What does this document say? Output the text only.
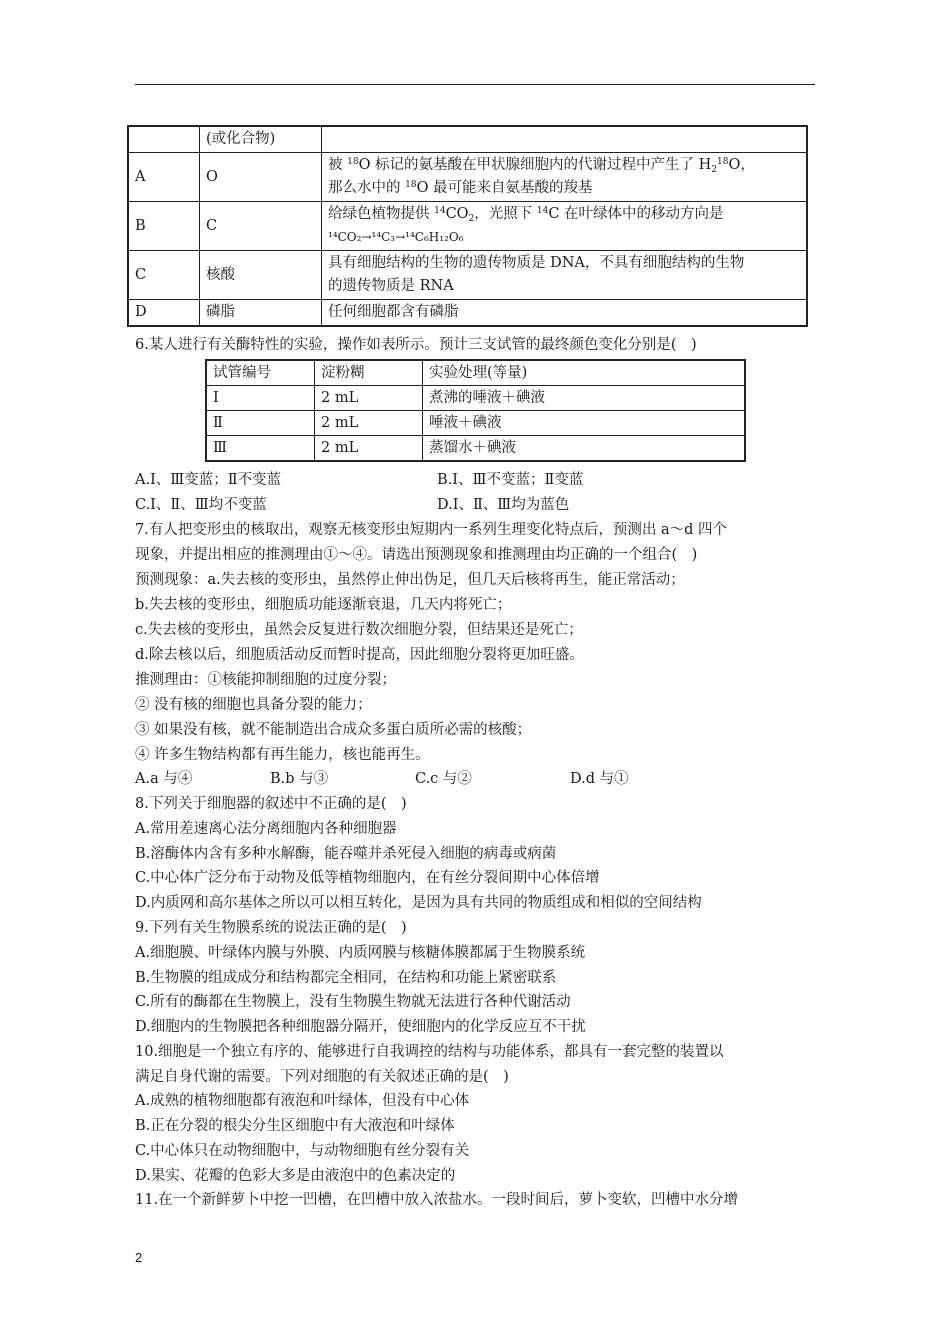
	(或化合物)	
A	O	被 $^{18}$O 标记的氨基酸在甲状腺细胞内的代谢过程中产生了 $H_2^{18}O$，
那么水中的 $^{18}$O 最可能来自氨基酸的羧基
B	C	给绿色植物提供 $^{14}CO_2$，光照下 $^{14}$C 在叶绿体中的移动方向是
¹⁴CO₂→¹⁴C₃→¹⁴C₆H₁₂O₆
C	核酸	具有细胞结构的生物的遗传物质是 DNA，不具有细胞结构的生物
的遗传物质是 RNA
D	磷脂	任何细胞都含有磷脂
6.某人进行有关酶特性的实验，操作如表所示。预计三支试管的最终颜色变化分别是(　)
试管编号	淀粉糊	实验处理(等量)
Ⅰ	2 mL	煮沸的唾液＋碘液
Ⅱ	2 mL	唾液＋碘液
Ⅲ	2 mL	蒸馏水＋碘液
A.Ⅰ、Ⅲ变蓝；Ⅱ不变蓝	B.Ⅰ、Ⅲ不变蓝；Ⅱ变蓝
C.Ⅰ、Ⅱ、Ⅲ均不变蓝	D.Ⅰ、Ⅱ、Ⅲ均为蓝色
7.有人把变形虫的核取出，观察无核变形虫短期内一系列生理变化特点后，预测出 a～d 四个
现象，并提出相应的推测理由①～④。请选出预测现象和推测理由均正确的一个组合(　)
预测现象：a.失去核的变形虫，虽然停止伸出伪足，但几天后核将再生，能正常活动；
b.失去核的变形虫，细胞质功能逐渐衰退，几天内将死亡；
c.失去核的变形虫，虽然会反复进行数次细胞分裂，但结果还是死亡；
d.除去核以后，细胞质活动反而暂时提高，因此细胞分裂将更加旺盛。
推测理由：①核能抑制细胞的过度分裂；
② 没有核的细胞也具备分裂的能力；
③ 如果没有核，就不能制造出合成众多蛋白质所必需的核酸；
④ 许多生物结构都有再生能力，核也能再生。
A.a 与④	B.b 与③	C.c 与②	D.d 与①
8.下列关于细胞器的叙述中不正确的是(　)
A.常用差速离心法分离细胞内各种细胞器
B.溶酶体内含有多种水解酶，能吞噬并杀死侵入细胞的病毒或病菌
C.中心体广泛分布于动物及低等植物细胞内，在有丝分裂间期中心体倍增
D.内质网和高尔基体之所以可以相互转化，是因为具有共同的物质组成和相似的空间结构
9.下列有关生物膜系统的说法正确的是(　)
A.细胞膜、叶绿体内膜与外膜、内质网膜与核糖体膜都属于生物膜系统
B.生物膜的组成成分和结构都完全相同，在结构和功能上紧密联系
C.所有的酶都在生物膜上，没有生物膜生物就无法进行各种代谢活动
D.细胞内的生物膜把各种细胞器分隔开，使细胞内的化学反应互不干扰
10.细胞是一个独立有序的、能够进行自我调控的结构与功能体系，都具有一套完整的装置以
满足自身代谢的需要。下列对细胞的有关叙述正确的是(　)
A.成熟的植物细胞都有液泡和叶绿体，但没有中心体
B.正在分裂的根尖分生区细胞中有大液泡和叶绿体
C.中心体只在动物细胞中，与动物细胞有丝分裂有关
D.果实、花瓣的色彩大多是由液泡中的色素决定的
11.在一个新鲜萝卜中挖一凹槽，在凹槽中放入浓盐水。一段时间后，萝卜变软，凹槽中水分增
2
